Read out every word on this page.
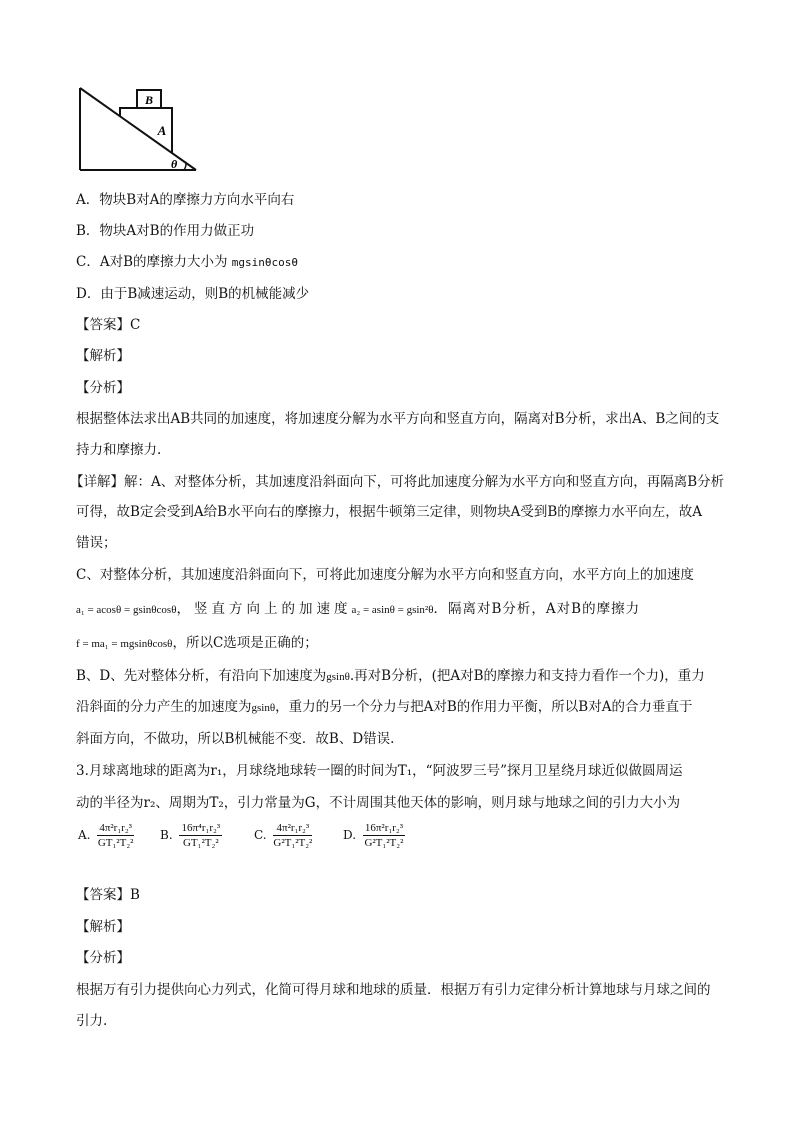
B
A
θ
A．物块B对A的摩擦力方向水平向右
B．物块A对B的作用力做正功
C．A对B的摩擦力大小为 mgsinθcosθ
D．由于B减速运动，则B的机械能减少
【答案】C
【解析】
【分析】
根据整体法求出AB共同的加速度，将加速度分解为水平方向和竖直方向，隔离对B分析，求出A、B之间的支
持力和摩擦力.
【详解】解：A、对整体分析，其加速度沿斜面向下，可将此加速度分解为水平方向和竖直方向，再隔离B分析
可得，故B定会受到A给B水平向右的摩擦力，根据牛顿第三定律，则物块A受到B的摩擦力水平向左，故A
错误；
C、对整体分析，其加速度沿斜面向下，可将此加速度分解为水平方向和竖直方向，水平方向上的加速度
a₁ = acosθ = gsinθcosθ，竖直方向上的加速度a₂ = asinθ = gsin²θ．隔离对B分析，A对B的摩擦力
f = ma₁ = mgsinθcosθ，所以C选项是正确的；
B、D、先对整体分析，有沿向下加速度为gsinθ.再对B分析，(把A对B的摩擦力和支持力看作一个力)，重力
沿斜面的分力产生的加速度为gsinθ，重力的另一个分力与把A对B的作用力平衡，所以B对A的合力垂直于
斜面方向，不做功，所以B机械能不变．故B、D错误.
3.月球离地球的距离为r₁，月球绕地球转一圈的时间为T₁，“阿波罗三号”探月卫星绕月球近似做圆周运
动的半径为r₂、周期为T₂，引力常量为G，不计周围其他天体的影响，则月球与地球之间的引力大小为
A. $\frac{\text{4π²r₁r₂³}}{\text{GT₁²T₂²}} B$. $\frac{\text{16π⁴r₁r₂³}}{\text{GT₁²T₂²}}$	C. $\frac{\text{4π²r₁r₂³}}{\text{G²T₁²T₂²}}$	D. $\frac{\text{16π²r₁r₂³}}{\text{G²T₁²T₂²}}$
【答案】B
【解析】
【分析】
根据万有引力提供向心力列式，化简可得月球和地球的质量．根据万有引力定律分析计算地球与月球之间的
引力.
